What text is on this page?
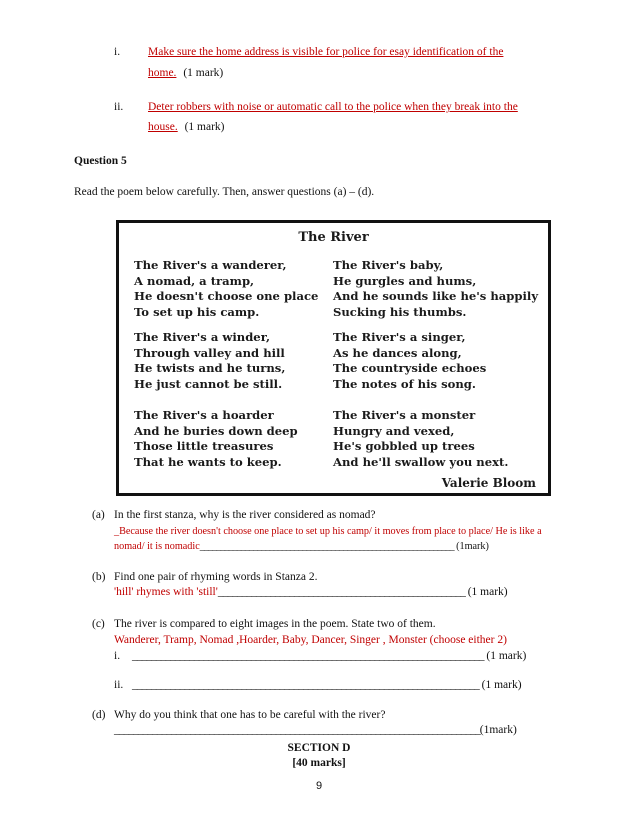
i. Make sure the home address is visible for police for esay identification of the
home. (1 mark)
ii. Deter robbers with noise or automatic call to the police when they break into the
house. (1 mark)
Question 5
Read the poem below carefully. Then, answer questions (a) – (d).
The River
The River's a wanderer,
A nomad, a tramp,
He doesn't choose one place
To set up his camp.
The River's a winder,
Through valley and hill
He twists and he turns,
He just cannot be still.
The River's a hoarder
And he buries down deep
Those little treasures
That he wants to keep.
The River's baby,
He gurgles and hums,
And he sounds like he's happily
Sucking his thumbs.
The River's a singer,
As he dances along,
The countryside echoes
The notes of his song.
The River's a monster
Hungry and vexed,
He's gobbled up trees
And he'll swallow you next.
Valerie Bloom
(a) In the first stanza, why is the river considered as nomad?
_Because the river doesn't choose one place to set up his camp/ it moves from place to place/ He is like a
nomad/ it is nomadic______________________________________________________________ (1mark)
(b) Find one pair of rhyming words in Stanza 2.
'hill' rhymes with 'still'____________________________________________________ (1 mark)
(c) The river is compared to eight images in the poem. State two of them.
Wanderer, Tramp, Nomad ,Hoarder, Baby, Dancer, Singer , Monster (choose either 2)
i. __________________________________________________________________________ (1 mark)
ii. _________________________________________________________________________ (1 mark)
(d) Why do you think that one has to be careful with the river?
_____________________________________________________________________________(1mark)
SECTION D
[40 marks]
9
